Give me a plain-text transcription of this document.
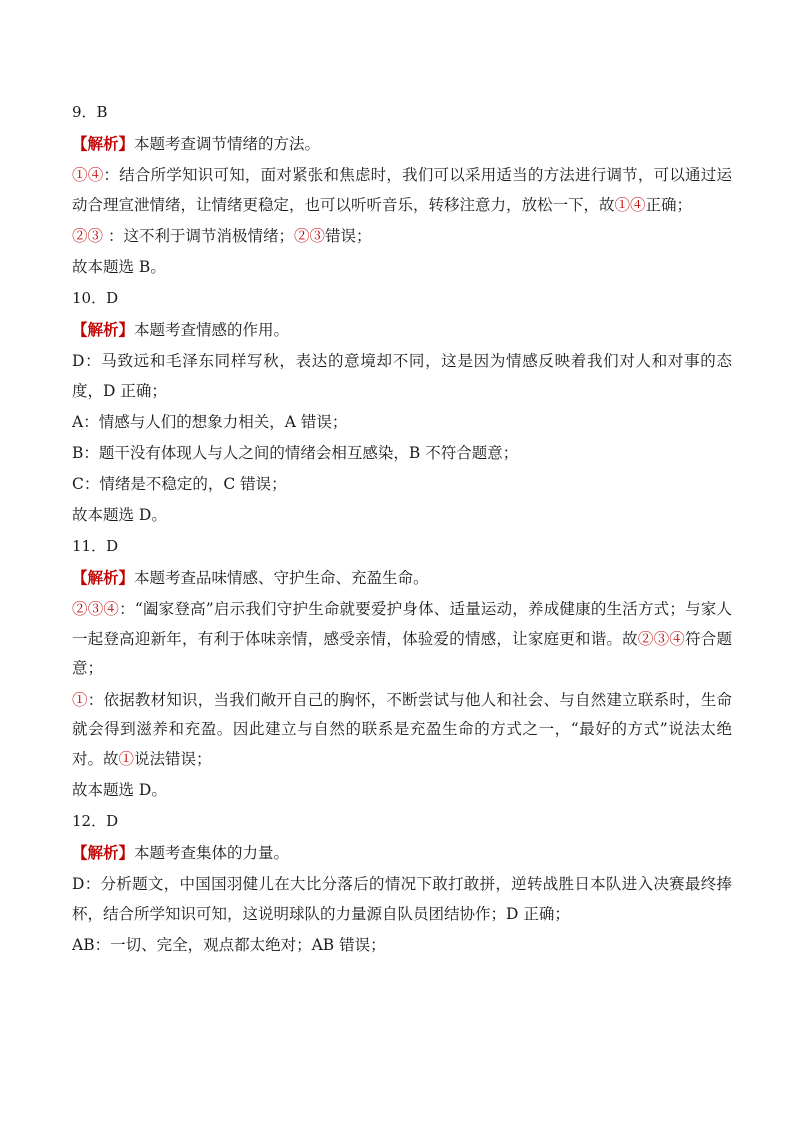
9．B
【解析】本题考查调节情绪的方法。
①④：结合所学知识可知，面对紧张和焦虑时，我们可以采用适当的方法进行调节，可以通过运动合理宣泄情绪，让情绪更稳定，也可以听听音乐，转移注意力，放松一下，故①④正确；
②③ ：这不利于调节消极情绪；②③错误；
故本题选 B。
10．D
【解析】本题考查情感的作用。
D：马致远和毛泽东同样写秋，表达的意境却不同，这是因为情感反映着我们对人和对事的态度，D 正确；
A：情感与人们的想象力相关，A 错误；
B：题干没有体现人与人之间的情绪会相互感染，B 不符合题意；
C：情绪是不稳定的，C 错误；
故本题选 D。
11．D
【解析】本题考查品味情感、守护生命、充盈生命。
②③④：“阖家登高”启示我们守护生命就要爱护身体、适量运动，养成健康的生活方式；与家人一起登高迎新年，有利于体味亲情，感受亲情，体验爱的情感，让家庭更和谐。故②③④符合题意；
①：依据教材知识，当我们敞开自己的胸怀，不断尝试与他人和社会、与自然建立联系时，生命就会得到滋养和充盈。因此建立与自然的联系是充盈生命的方式之一，“最好的方式”说法太绝对。故①说法错误；
故本题选 D。
12．D
【解析】本题考查集体的力量。
D：分析题文，中国国羽健儿在大比分落后的情况下敢打敢拼，逆转战胜日本队进入决赛最终捧杯，结合所学知识可知，这说明球队的力量源自队员团结协作；D 正确；
AB：一切、完全，观点都太绝对；AB 错误；
